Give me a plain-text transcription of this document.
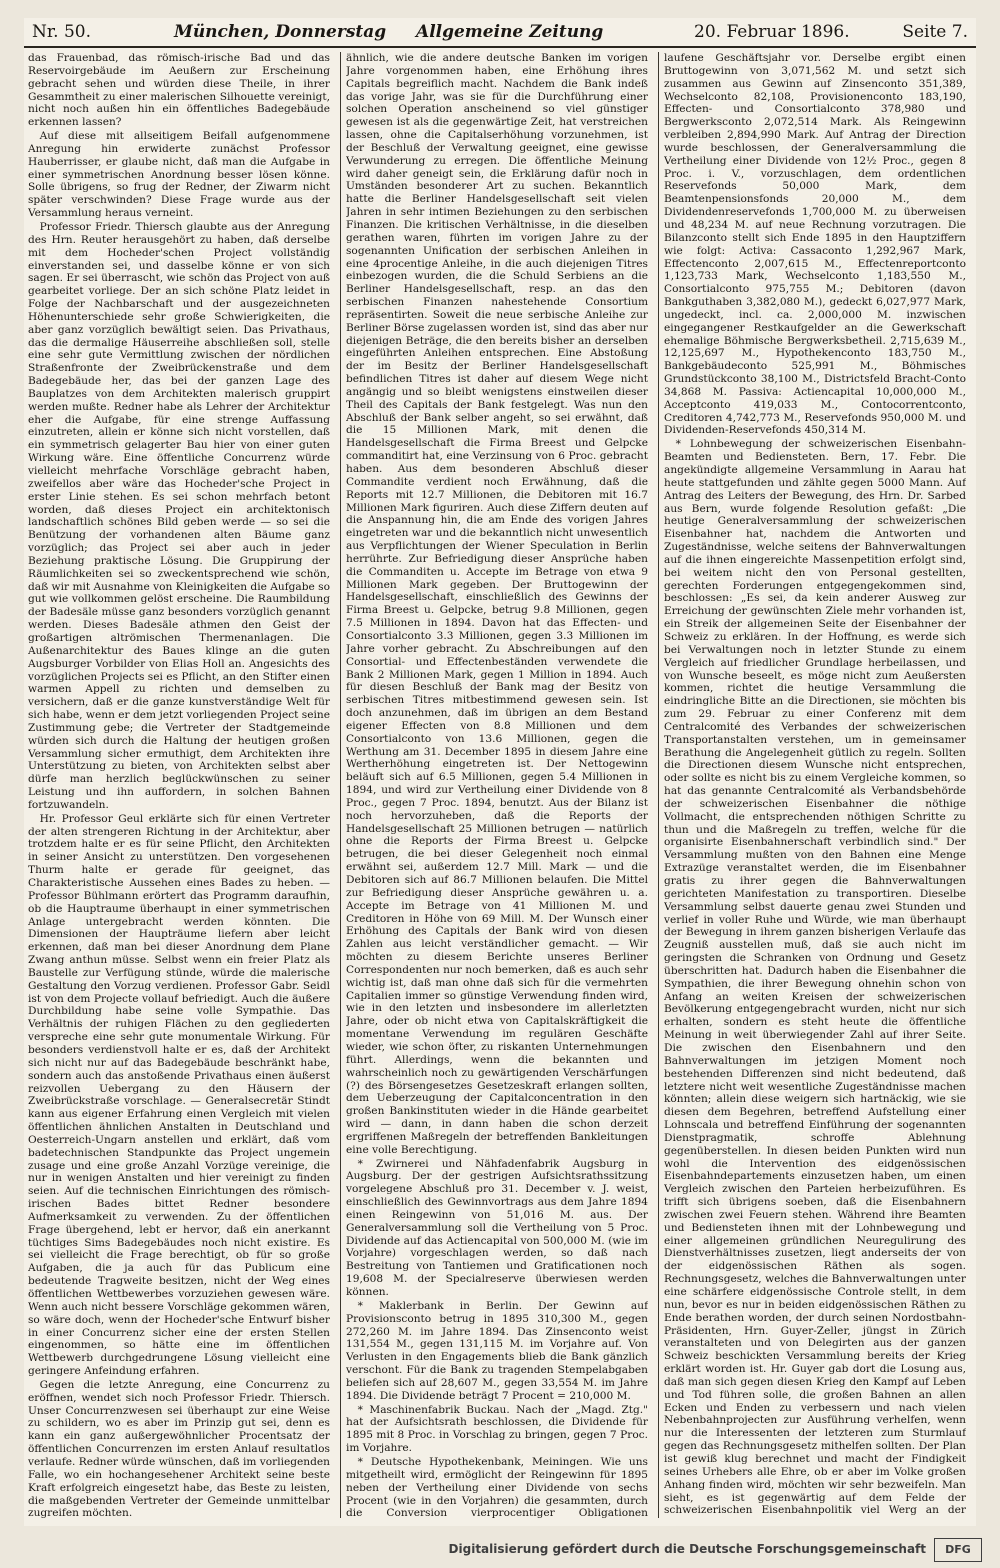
Nr. 50.	München, Donnerstag Allgemeine Zeitung	20. Februar 1896.	Seite 7.

das Frauenbad, das römisch-irische Bad und das Reservoirgebäude im Aeußern zur Erscheinung gebracht sehen und würden diese Theile, in ihrer Gesammtheit zu einer malerischen Silhouette vereinigt, nicht noch außen hin ein öffentliches Badegebäude erkennen lassen?

Auf diese mit allseitigem Beifall aufgenommene Anregung hin erwiderte zunächst Professor Hauberrisser, er glaube nicht, daß man die Aufgabe in einer symmetrischen Anordnung besser lösen könne. Solle übrigens, so frug der Redner, der Ziwarm nicht später verschwinden? Diese Frage wurde aus der Versammlung heraus verneint.

Professor Friedr. Thiersch glaubte aus der Anregung des Hrn. Reuter herausgehört zu haben, daß derselbe mit dem Hocheder'schen Project vollständig einverstanden sei, und dasselbe könne er von sich sagen. Er sei überrascht, wie schön das Project von auß gearbeitet vorliege. Der an sich schöne Platz leidet in Folge der Nachbarschaft und der ausgezeichneten Höhenunterschiede sehr große Schwierigkeiten, die aber ganz vorzüglich bewältigt seien. Das Privathaus, das die dermalige Häuserreihe abschließen soll, stelle eine sehr gute Vermittlung zwischen der nördlichen Straßenfronte der Zweibrückenstraße und dem Badegebäude her, das bei der ganzen Lage des Bauplatzes von dem Architekten malerisch gruppirt werden mußte. Redner habe als Lehrer der Architektur eher die Aufgabe, für eine strenge Auffassung einzutreten, allein er könne sich nicht vorstellen, daß ein symmetrisch gelagerter Bau hier von einer guten Wirkung wäre. Eine öffentliche Concurrenz würde vielleicht mehrfache Vorschläge gebracht haben, zweifellos aber wäre das Hocheder'sche Project in erster Linie stehen. Es sei schon mehrfach betont worden, daß dieses Project ein architektonisch landschaftlich schönes Bild geben werde — so sei die Benützung der vorhandenen alten Bäume ganz vorzüglich; das Project sei aber auch in jeder Beziehung praktische Lösung. Die Gruppirung der Räumlichkeiten sei so zweckentsprechend wie schön, daß wir mit Ausnahme von Kleinigkeiten die Aufgabe so gut wie vollkommen gelöst erscheine. Die Raumbildung der Badesäle müsse ganz besonders vorzüglich genannt werden. Dieses Badesäle athmen den Geist der großartigen altrömischen Thermenanlagen. Die Außenarchitektur des Baues klinge an die guten Augsburger Vorbilder von Elias Holl an. Angesichts des vorzüglichen Projects sei es Pflicht, an den Stifter einen warmen Appell zu richten und demselben zu versichern, daß er die ganze kunstverständige Welt für sich habe, wenn er dem jetzt vorliegenden Project seine Zustimmung gebe; die Vertreter der Stadtgemeinde würden sich durch die Haltung der heutigen großen Versammlung sicher ermuthigt, dem Architekten ihre Unterstützung zu bieten, von Architekten selbst aber dürfe man herzlich beglückwünschen zu seiner Leistung und ihn auffordern, in solchen Bahnen fortzuwandeln.

Hr. Professor Geul erklärte sich für einen Vertreter der alten strengeren Richtung in der Architektur, aber trotzdem halte er es für seine Pflicht, den Architekten in seiner Ansicht zu unterstützen. Den vorgesehenen Thurm halte er gerade für geeignet, das Charakteristische Aussehen eines Bades zu heben. — Professor Bühlmann erörtert das Programm daraufhin, ob die Hauptraume überhaupt in einer symmetrischen Anlage untergebracht werden könnten. Die Dimensionen der Haupträume liefern aber leicht erkennen, daß man bei dieser Anordnung dem Plane Zwang anthun müsse. Selbst wenn ein freier Platz als Baustelle zur Verfügung stünde, würde die malerische Gestaltung den Vorzug verdienen. Professor Gabr. Seidl ist von dem Projecte vollauf befriedigt. Auch die äußere Durchbildung habe seine volle Sympathie. Das Verhältnis der ruhigen Flächen zu den gegliederten verspreche eine sehr gute monumentale Wirkung. Für besonders verdienstvoll halte er es, daß der Architekt sich nicht nur auf das Badegebäude beschränkt habe, sondern auch das anstoßende Privathaus einen äußerst reizvollen Uebergang zu den Häusern der Zweibrückstraße vorschlage. — Generalsecretär Stindt kann aus eigener Erfahrung einen Vergleich mit vielen öffentlichen ähnlichen Anstalten in Deutschland und Oesterreich-Ungarn anstellen und erklärt, daß vom badetechnischen Standpunkte das Project ungemein zusage und eine große Anzahl Vorzüge vereinige, die nur in wenigen Anstalten und hier vereinigt zu finden seien. Auf die technischen Einrichtungen des römisch-irischen Bades bittet Redner besondere Aufmerksamkeit zu verwenden. Zu der öffentlichen Frage übergehend, lebt er hervor, daß ein anerkannt tüchtiges Sims Badegebäudes noch nicht existire. Es sei vielleicht die Frage berechtigt, ob für so große Aufgaben, die ja auch für das Publicum eine bedeutende Tragweite besitzen, nicht der Weg eines öffentlichen Wettbewerbes vorzuziehen gewesen wäre. Wenn auch nicht bessere Vorschläge gekommen wären, so wäre doch, wenn der Hocheder'sche Entwurf bisher in einer Concurrenz sicher eine der ersten Stellen eingenommen, so hätte eine im öffentlichen Wettbewerb durchgedrungene Lösung vielleicht eine geringere Anfeindung erfahren.

Gegen die letzte Anregung, eine Concurrenz zu eröffnen, wendet sich noch Professor Friedr. Thiersch. Unser Concurrenzwesen sei überhaupt zur eine Weise zu schildern, wo es aber im Prinzip gut sei, denn es kann ein ganz außergewöhnlicher Procentsatz der öffentlichen Concurrenzen im ersten Anlauf resultatlos verlaufe. Redner würde wünschen, daß im vorliegenden Falle, wo ein hochangesehener Architekt seine beste Kraft erfolgreich eingesetzt habe, das Beste zu leisten, die maßgebenden Vertreter der Gemeinde unmittelbar zugreifen möchten.

ähnlich, wie die andere deutsche Banken im vorigen Jahre vorgenommen haben, eine Erhöhung ihres Capitals begreiflich macht. Nachdem die Bank indeß das vorige Jahr, was sie für die Durchführung einer solchen Operation anscheinend so viel günstiger gewesen ist als die gegenwärtige Zeit, hat verstreichen lassen, ohne die Capitalserhöhung vorzunehmen, ist der Beschluß der Verwaltung geeignet, eine gewisse Verwunderung zu erregen. Die öffentliche Meinung wird daher geneigt sein, die Erklärung dafür noch in Umständen besonderer Art zu suchen. Bekanntlich hatte die Berliner Handelsgesellschaft seit vielen Jahren in sehr intimen Beziehungen zu den serbischen Finanzen. Die kritischen Verhältnisse, in die dieselben gerathen waren, führten im vorigen Jahre zu der sogenannten Unification der serbischen Anleihen in eine 4procentige Anleihe, in die auch diejenigen Titres einbezogen wurden, die die Schuld Serbiens an die Berliner Handelsgesellschaft, resp. an das den serbischen Finanzen nahestehende Consortium repräsentirten. Soweit die neue serbische Anleihe zur Berliner Börse zugelassen worden ist, sind das aber nur diejenigen Beträge, die den bereits bisher an derselben eingeführten Anleihen entsprechen. Eine Abstoßung der im Besitz der Berliner Handelsgesellschaft befindlichen Titres ist daher auf diesem Wege nicht angängig und so bleibt wenigstens einstweilen dieser Theil des Capitals der Bank festgelegt. Was nun den Abschluß der Bank selber angeht, so sei erwähnt, daß die 15 Millionen Mark, mit denen die Handelsgesellschaft die Firma Breest und Gelpcke commanditirt hat, eine Verzinsung von 6 Proc. gebracht haben. Aus dem besonderen Abschluß dieser Commandite verdient noch Erwähnung, daß die Reports mit 12.7 Millionen, die Debitoren mit 16.7 Millionen Mark figuriren. Auch diese Ziffern deuten auf die Anspannung hin, die am Ende des vorigen Jahres eingetreten war und die bekanntlich nicht unwesentlich aus Verpflichtungen der Wiener Speculation in Berlin herrührte. Zur Befriedigung dieser Ansprüche haben die Commanditen u. Accepte im Betrage von etwa 9 Millionen Mark gegeben. Der Bruttogewinn der Handelsgesellschaft, einschließlich des Gewinns der Firma Breest u. Gelpcke, betrug 9.8 Millionen, gegen 7.5 Millionen in 1894. Davon hat das Effecten- und Consortialconto 3.3 Millionen, gegen 3.3 Millionen im Jahre vorher gebracht. Zu Abschreibungen auf den Consortial- und Effectenbeständen verwendete die Bank 2 Millionen Mark, gegen 1 Million in 1894. Auch für diesen Beschluß der Bank mag der Besitz von serbischen Titres mitbestimmend gewesen sein. Ist doch anzunehmen, daß im übrigen an dem Bestand eigener Effecten von 8.8 Millionen und dem Consortialconto von 13.6 Millionen, gegen die Werthung am 31. December 1895 in diesem Jahre eine Wertherhöhung eingetreten ist. Der Nettogewinn beläuft sich auf 6.5 Millionen, gegen 5.4 Millionen in 1894, und wird zur Vertheilung einer Dividende von 8 Proc., gegen 7 Proc. 1894, benutzt. Aus der Bilanz ist noch hervorzuheben, daß die Reports der Handelsgesellschaft 25 Millionen betrugen — natürlich ohne die Reports der Firma Breest u. Gelpcke betrugen, die bei dieser Gelegenheit noch einmal erwähnt sei, außerdem 12.7 Mill. Mark — und die Debitoren sich auf 86.7 Millionen belaufen. Die Mittel zur Befriedigung dieser Ansprüche gewähren u. a. Accepte im Betrage von 41 Millionen M. und Creditoren in Höhe von 69 Mill. M. Der Wunsch einer Erhöhung des Capitals der Bank wird von diesen Zahlen aus leicht verständlicher gemacht. — Wir möchten zu diesem Berichte unseres Berliner Correspondenten nur noch bemerken, daß es auch sehr wichtig ist, daß man ohne daß sich für die vermehrten Capitalien immer so günstige Verwendung finden wird, wie in den letzten und insbesondere im allerletzten Jahre, oder ob nicht etwa von Capitalskräftigkeit die momentane Verwendung im regulären Geschäfte wieder, wie schon öfter, zu riskanten Unternehmungen führt. Allerdings, wenn die bekannten und wahrscheinlich noch zu gewärtigenden Verschärfungen (?) des Börsengesetzes Gesetzeskraft erlangen sollten, dem Ueberzeugung der Capitalconcentration in den großen Bankinstituten wieder in die Hände gearbeitet wird — dann, in dann haben die schon derzeit ergriffenen Maßregeln der betreffenden Bankleitungen eine volle Berechtigung.

* Zwirnerei und Nähfadenfabrik Augsburg in Augsburg. Der der gestrigen Aufsichtsrathssitzung vorgelegene Abschluß pro 31. December v. J. weist, einschließlich des Gewinnvortrags aus dem Jahre 1894 einen Reingewinn von 51,016 M. aus. Der Generalversammlung soll die Vertheilung von 5 Proc. Dividende auf das Actiencapital von 500,000 M. (wie im Vorjahre) vorgeschlagen werden, so daß nach Bestreitung von Tantiemen und Gratificationen noch 19,608 M. der Specialreserve überwiesen werden können.

* Maklerbank in Berlin. Der Gewinn auf Provisionsconto betrug in 1895 310,300 M., gegen 272,260 M. im Jahre 1894. Das Zinsenconto weist 131,554 M., gegen 131,115 M. im Vorjahre auf. Von Verlusten in den Engagements blieb die Bank gänzlich verschont. Für die Bank zu tragenden Stempelabgaben beliefen sich auf 28,607 M., gegen 33,554 M. im Jahre 1894. Die Dividende beträgt 7 Procent = 210,000 M.

* Maschinenfabrik Buckau. Nach der „Magd. Ztg." hat der Aufsichtsrath beschlossen, die Dividende für 1895 mit 8 Proc. in Vorschlag zu bringen, gegen 7 Proc. im Vorjahre.

* Deutsche Hypothekenbank, Meiningen. Wie uns mitgetheilt wird, ermöglicht der Reingewinn für 1895 neben der Vertheilung einer Dividende von sechs Procent (wie in den Vorjahren) die gesammten, durch die Conversion vierprocentiger Obligationen

laufene Geschäftsjahr vor. Derselbe ergibt einen Bruttogewinn von 3,071,562 M. und setzt sich zusammen aus Gewinn auf Zinsenconto 351,389, Wechselconto 82,108, Provisionenconto 183,190, Effecten- und Consortialconto 378,980 und Bergwerksconto 2,072,514 Mark. Als Reingewinn verbleiben 2,894,990 Mark. Auf Antrag der Direction wurde beschlossen, der Generalversammlung die Vertheilung einer Dividende von 12½ Proc., gegen 8 Proc. i. V., vorzuschlagen, dem ordentlichen Reservefonds 50,000 Mark, dem Beamtenpensionsfonds 20,000 M., dem Dividendenreservefonds 1,700,000 M. zu überweisen und 48,234 M. auf neue Rechnung vorzutragen. Die Bilanzconto stellt sich Ende 1895 in den Hauptziffern wie folgt: Activa: Cassaconto 1,292,967 Mark, Effectenconto 2,007,615 M., Effectenreportconto 1,123,733 Mark, Wechselconto 1,183,550 M., Consortialconto 975,755 M.; Debitoren (davon Bankguthaben 3,382,080 M.), gedeckt 6,027,977 Mark, ungedeckt, incl. ca. 2,000,000 M. inzwischen eingegangener Restkaufgelder an die Gewerkschaft ehemalige Böhmische Bergwerksbetheil. 2,715,639 M., 12,125,697 M., Hypothekenconto 183,750 M., Bankgebäudeconto 525,991 M., Böhmisches Grundstückconto 38,100 M., Districtsfeld Bracht-Conto 34,868 M. Passiva: Actiencapital 10,000,000 M., Acceptconto 419,033 M., Contocorrentconto, Creditoren 4,742,773 M., Reservefonds 950,000 M. und Dividenden-Reservefonds 450,314 M.

* Lohnbewegung der schweizerischen Eisenbahn-Beamten und Bediensteten. Bern, 17. Febr. Die angekündigte allgemeine Versammlung in Aarau hat heute stattgefunden und zählte gegen 5000 Mann. Auf Antrag des Leiters der Bewegung, des Hrn. Dr. Sarbed aus Bern, wurde folgende Resolution gefaßt: „Die heutige Generalversammlung der schweizerischen Eisenbahner hat, nachdem die Antworten und Zugeständnisse, welche seitens der Bahnverwaltungen auf die ihnen eingereichte Massenpetition erfolgt sind, bei weitem nicht den von Personal gestellten, gerechten Forderungen entgegengekommen sind, beschlossen: „Es sei, da kein anderer Ausweg zur Erreichung der gewünschten Ziele mehr vorhanden ist, ein Streik der allgemeinen Seite der Eisenbahner der Schweiz zu erklären. In der Hoffnung, es werde sich bei Verwaltungen noch in letzter Stunde zu einem Vergleich auf friedlicher Grundlage herbeilassen, und von Wunsche beseelt, es möge nicht zum Aeußersten kommen, richtet die heutige Versammlung die eindringliche Bitte an die Directionen, sie möchten bis zum 29. Februar zu einer Conferenz mit dem Centralcomité des Verbandes der schweizerischen Transportanstalten verstehen, um in gemeinsamer Berathung die Angelegenheit gütlich zu regeln. Sollten die Directionen diesem Wunsche nicht entsprechen, oder sollte es nicht bis zu einem Vergleiche kommen, so hat das genannte Centralcomité als Verbandsbehörde der schweizerischen Eisenbahner die nöthige Vollmacht, die entsprechenden nöthigen Schritte zu thun und die Maßregeln zu treffen, welche für die organisirte Eisenbahnerschaft verbindlich sind." Der Versammlung mußten von den Bahnen eine Menge Extrazüge veranstaltet werden, die im Eisenbahner gratis zu ihrer gegen die Bahnverwaltungen gerichteten Manifestation zu transportiren. Dieselbe Versammlung selbst dauerte genau zwei Stunden und verlief in voller Ruhe und Würde, wie man überhaupt der Bewegung in ihrem ganzen bisherigen Verlaufe das Zeugniß ausstellen muß, daß sie auch nicht im geringsten die Schranken von Ordnung und Gesetz überschritten hat. Dadurch haben die Eisenbahner die Sympathien, die ihrer Bewegung ohnehin schon von Anfang an weiten Kreisen der schweizerischen Bevölkerung entgegengebracht wurden, nicht nur sich erhalten, sondern es steht heute die öffentliche Meinung in weit überwiegender Zahl auf ihrer Seite. Die zwischen den Eisenbahnern und den Bahnverwaltungen im jetzigen Moment noch bestehenden Differenzen sind nicht bedeutend, daß letztere nicht weit wesentliche Zugeständnisse machen könnten; allein diese weigern sich hartnäckig, wie sie diesen dem Begehren, betreffend Aufstellung einer Lohnscala und betreffend Einführung der sogenannten Dienstpragmatik, schroffe Ablehnung gegenüberstellen. In diesen beiden Punkten wird nun wohl die Intervention des eidgenössischen Eisenbahndepartements einzusetzen haben, um einen Vergleich zwischen den Parteien herbeizuführen. Es trifft sich übrigens soeben, daß die Eisenbahnern zwischen zwei Feuern stehen. Während ihre Beamten und Bediensteten ihnen mit der Lohnbewegung und einer allgemeinen gründlichen Neuregulirung des Dienstverhältnisses zusetzen, liegt anderseits der von der eidgenössischen Räthen als sogen. Rechnungsgesetz, welches die Bahnverwaltungen unter eine schärfere eidgenössische Controle stellt, in dem nun, bevor es nur in beiden eidgenössischen Räthen zu Ende berathen worden, der durch seinen Nordostbahn-Präsidenten, Hrn. Guyer-Zeller, jüngst in Zürich veranstalteten und von Delegirten aus der ganzen Schweiz beschickten Versammlung bereits der Krieg erklärt worden ist. Hr. Guyer gab dort die Losung aus, daß man sich gegen diesen Krieg den Kampf auf Leben und Tod führen solle, die großen Bahnen an allen Ecken und Enden zu verbessern und nach vielen Nebenbahnprojecten zur Ausführung verhelfen, wenn nur die Interessenten der letzteren zum Sturmlauf gegen das Rechnungsgesetz mithelfen sollten. Der Plan ist gewiß klug berechnet und macht der Findigkeit seines Urhebers alle Ehre, ob er aber im Volke großen Anhang finden wird, möchten wir sehr bezweifeln. Man sieht, es ist gegenwärtig auf dem Felde der schweizerischen Eisenbahnpolitik viel Werg an der

Digitalisierung gefördert durch die Deutsche Forschungsgemeinschaft	DFG
